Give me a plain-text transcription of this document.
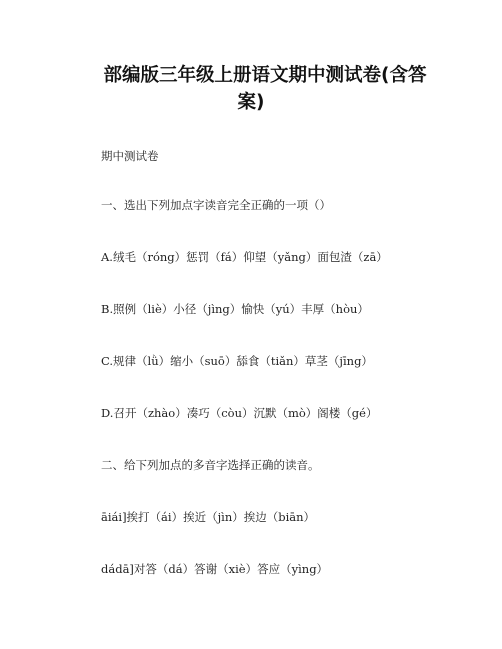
部编版三年级上册语文期中测试卷(含答
案)
期中测试卷
一、选出下列加点字读音完全正确的一项（）
A.绒毛（róng）惩罚（fá）仰望（yǎng）面包渣（zā）
B.照例（liè）小径（jìng）愉快（yú）丰厚（hòu）
C.规律（lǜ）缩小（suō）舔食（tiǎn）草茎（jīng）
D.召开（zhào）凑巧（còu）沉默（mò）阁楼（gé）
二、给下列加点的多音字选择正确的读音。
āiái]挨打（ái）挨近（jìn）挨边（biān）
dádā]对答（dá）答谢（xiè）答应（yìng）
